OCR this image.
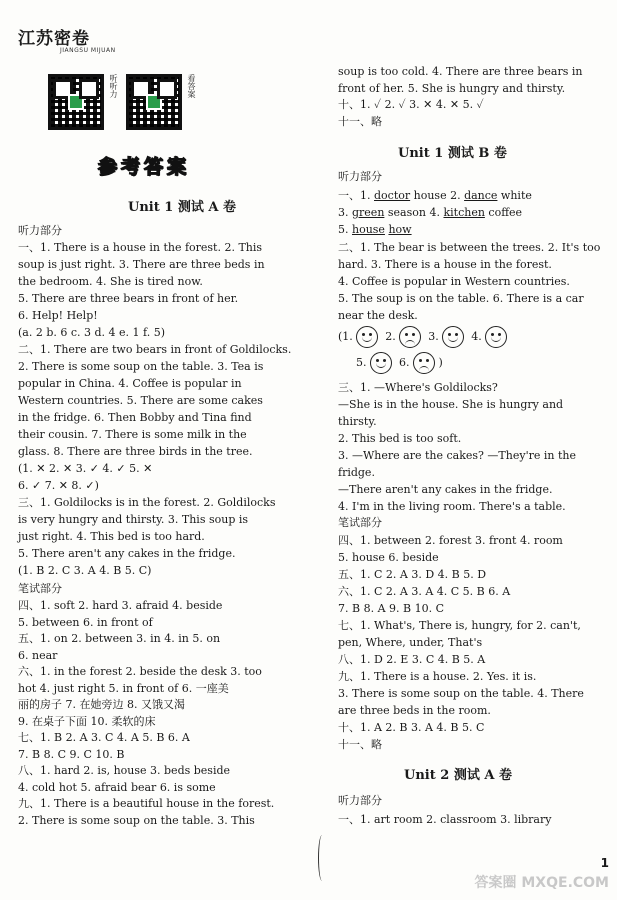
江苏密卷
JIANGSU MIJUAN
听听力	看答案
参考答案
Unit 1 测试 A 卷
听力部分
一、1. There is a house in the forest. 2. This
soup is just right. 3. There are three beds in
the bedroom. 4. She is tired now.
5. There are three bears in front of her.
6. Help! Help!
(a. 2 b. 6 c. 3 d. 4 e. 1 f. 5)
二、1. There are two bears in front of Goldilocks.
2. There is some soup on the table. 3. Tea is
popular in China. 4. Coffee is popular in
Western countries. 5. There are some cakes
in the fridge. 6. Then Bobby and Tina find
their cousin. 7. There is some milk in the
glass. 8. There are three birds in the tree.
(1. ✕ 2. ✕ 3. ✓ 4. ✓ 5. ✕
6. ✓ 7. ✕ 8. ✓)
三、1. Goldilocks is in the forest. 2. Goldilocks
is very hungry and thirsty. 3. This soup is
just right. 4. This bed is too hard.
5. There aren't any cakes in the fridge.
(1. B 2. C 3. A 4. B 5. C)
笔试部分
四、1. soft 2. hard 3. afraid 4. beside
5. between 6. in front of
五、1. on 2. between 3. in 4. in 5. on
6. near
六、1. in the forest 2. beside the desk 3. too
hot 4. just right 5. in front of 6. 一座美
丽的房子 7. 在她旁边 8. 又饿又渴
9. 在桌子下面 10. 柔软的床
七、1. B 2. A 3. C 4. A 5. B 6. A
7. B 8. C 9. C 10. B
八、1. hard 2. is, house 3. beds beside
4. cold hot 5. afraid bear 6. is some
九、1. There is a beautiful house in the forest.
2. There is some soup on the table. 3. This
soup is too cold. 4. There are three bears in
front of her. 5. She is hungry and thirsty.
十、1. ✓ 2. ✓ 3. ✕ 4. ✕ 5. ✓
十一、略
Unit 1 测试 B 卷
听力部分
一、1. doctor house 2. dance white
3. green season 4. kitchen coffee
5. house how
二、1. The bear is between the trees. 2. It's too
hard. 3. There is a house in the forest.
4. Coffee is popular in Western countries.
5. The soup is on the table. 6. There is a car
near the desk.
(1.	2.	3.	4.
5.	6.	)
三、1. —Where's Goldilocks?
—She is in the house. She is hungry and
thirsty.
2. This bed is too soft.
3. —Where are the cakes? —They're in the
fridge.
—There aren't any cakes in the fridge.
4. I'm in the living room. There's a table.
笔试部分
四、1. between 2. forest 3. front 4. room
5. house 6. beside
五、1. C 2. A 3. D 4. B 5. D
六、1. C 2. A 3. A 4. C 5. B 6. A
7. B 8. A 9. B 10. C
七、1. What's, There is, hungry, for 2. can't,
pen, Where, under, That's
八、1. D 2. E 3. C 4. B 5. A
九、1. There is a house. 2. Yes. it is.
3. There is some soup on the table. 4. There
are three beds in the room.
十、1. A 2. B 3. A 4. B 5. C
十一、略
Unit 2 测试 A 卷
听力部分
一、1. art room 2. classroom 3. library
1
答案圈 MXQE.COM
